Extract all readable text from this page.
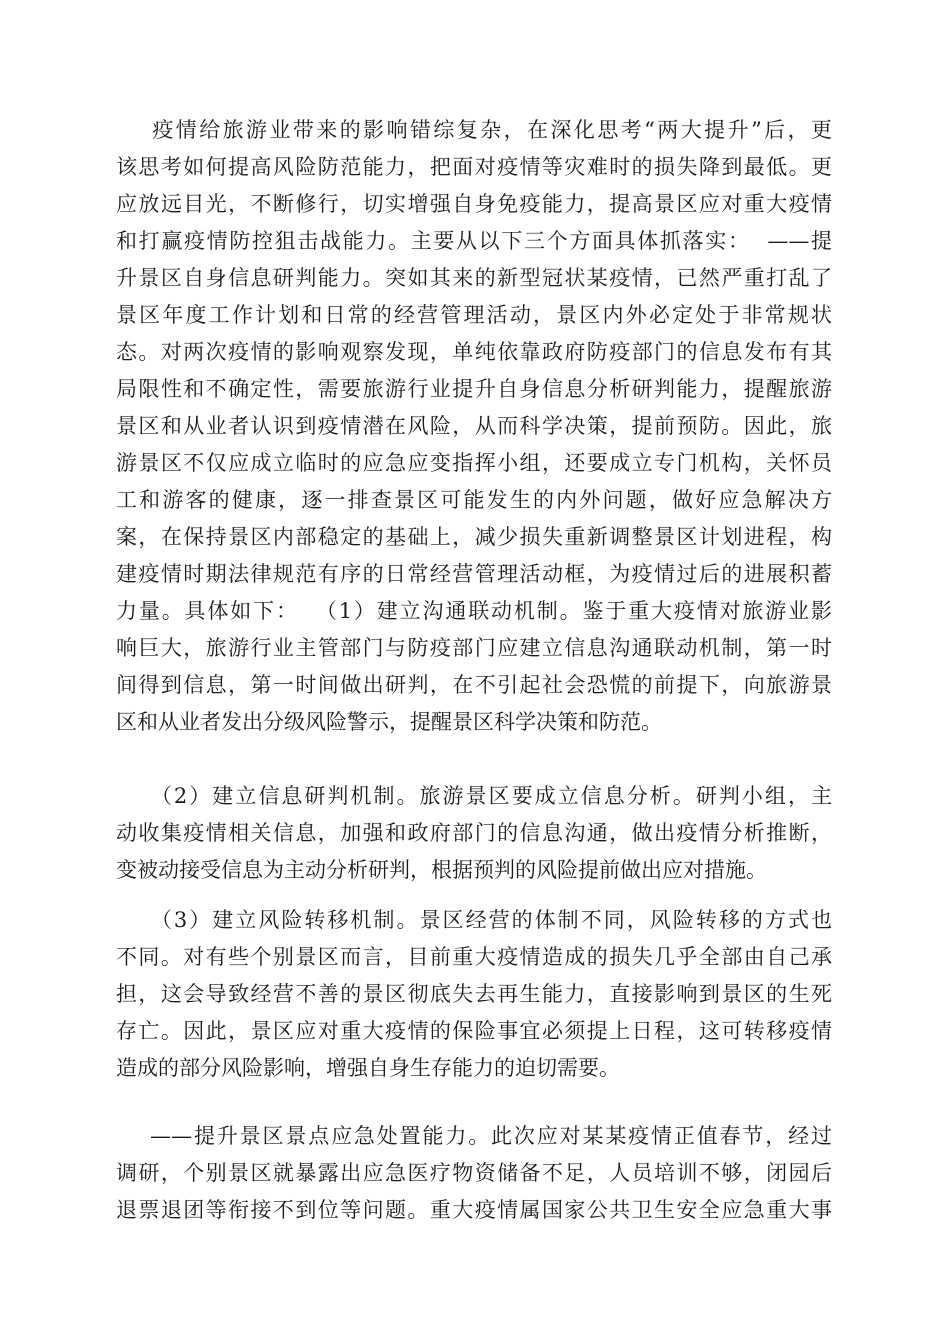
疫情给旅游业带来的影响错综复杂，在深化思考“两大提升”后，更
该思考如何提高风险防范能力，把面对疫情等灾难时的损失降到最低。更
应放远目光，不断修行，切实增强自身免疫能力，提高景区应对重大疫情
和打赢疫情防控狙击战能力。主要从以下三个方面具体抓落实：  ——提
升景区自身信息研判能力。突如其来的新型冠状某疫情，已然严重打乱了
景区年度工作计划和日常的经营管理活动，景区内外必定处于非常规状
态。对两次疫情的影响观察发现，单纯依靠政府防疫部门的信息发布有其
局限性和不确定性，需要旅游行业提升自身信息分析研判能力，提醒旅游
景区和从业者认识到疫情潜在风险，从而科学决策，提前预防。因此，旅
游景区不仅应成立临时的应急应变指挥小组，还要成立专门机构，关怀员
工和游客的健康，逐一排查景区可能发生的内外问题，做好应急解决方
案，在保持景区内部稳定的基础上，减少损失重新调整景区计划进程，构
建疫情时期法律规范有序的日常经营管理活动框，为疫情过后的进展积蓄
力量。具体如下：  （1）建立沟通联动机制。鉴于重大疫情对旅游业影
响巨大，旅游行业主管部门与防疫部门应建立信息沟通联动机制，第一时
间得到信息，第一时间做出研判，在不引起社会恐慌的前提下，向旅游景
区和从业者发出分级风险警示，提醒景区科学决策和防范。
（2）建立信息研判机制。旅游景区要成立信息分析。研判小组，主
动收集疫情相关信息，加强和政府部门的信息沟通，做出疫情分析推断，
变被动接受信息为主动分析研判，根据预判的风险提前做出应对措施。
（3）建立风险转移机制。景区经营的体制不同，风险转移的方式也
不同。对有些个别景区而言，目前重大疫情造成的损失几乎全部由自己承
担，这会导致经营不善的景区彻底失去再生能力，直接影响到景区的生死
存亡。因此，景区应对重大疫情的保险事宜必须提上日程，这可转移疫情
造成的部分风险影响，增强自身生存能力的迫切需要。
——提升景区景点应急处置能力。此次应对某某疫情正值春节，经过
调研，个别景区就暴露出应急医疗物资储备不足，人员培训不够，闭园后
退票退团等衔接不到位等问题。重大疫情属国家公共卫生安全应急重大事
